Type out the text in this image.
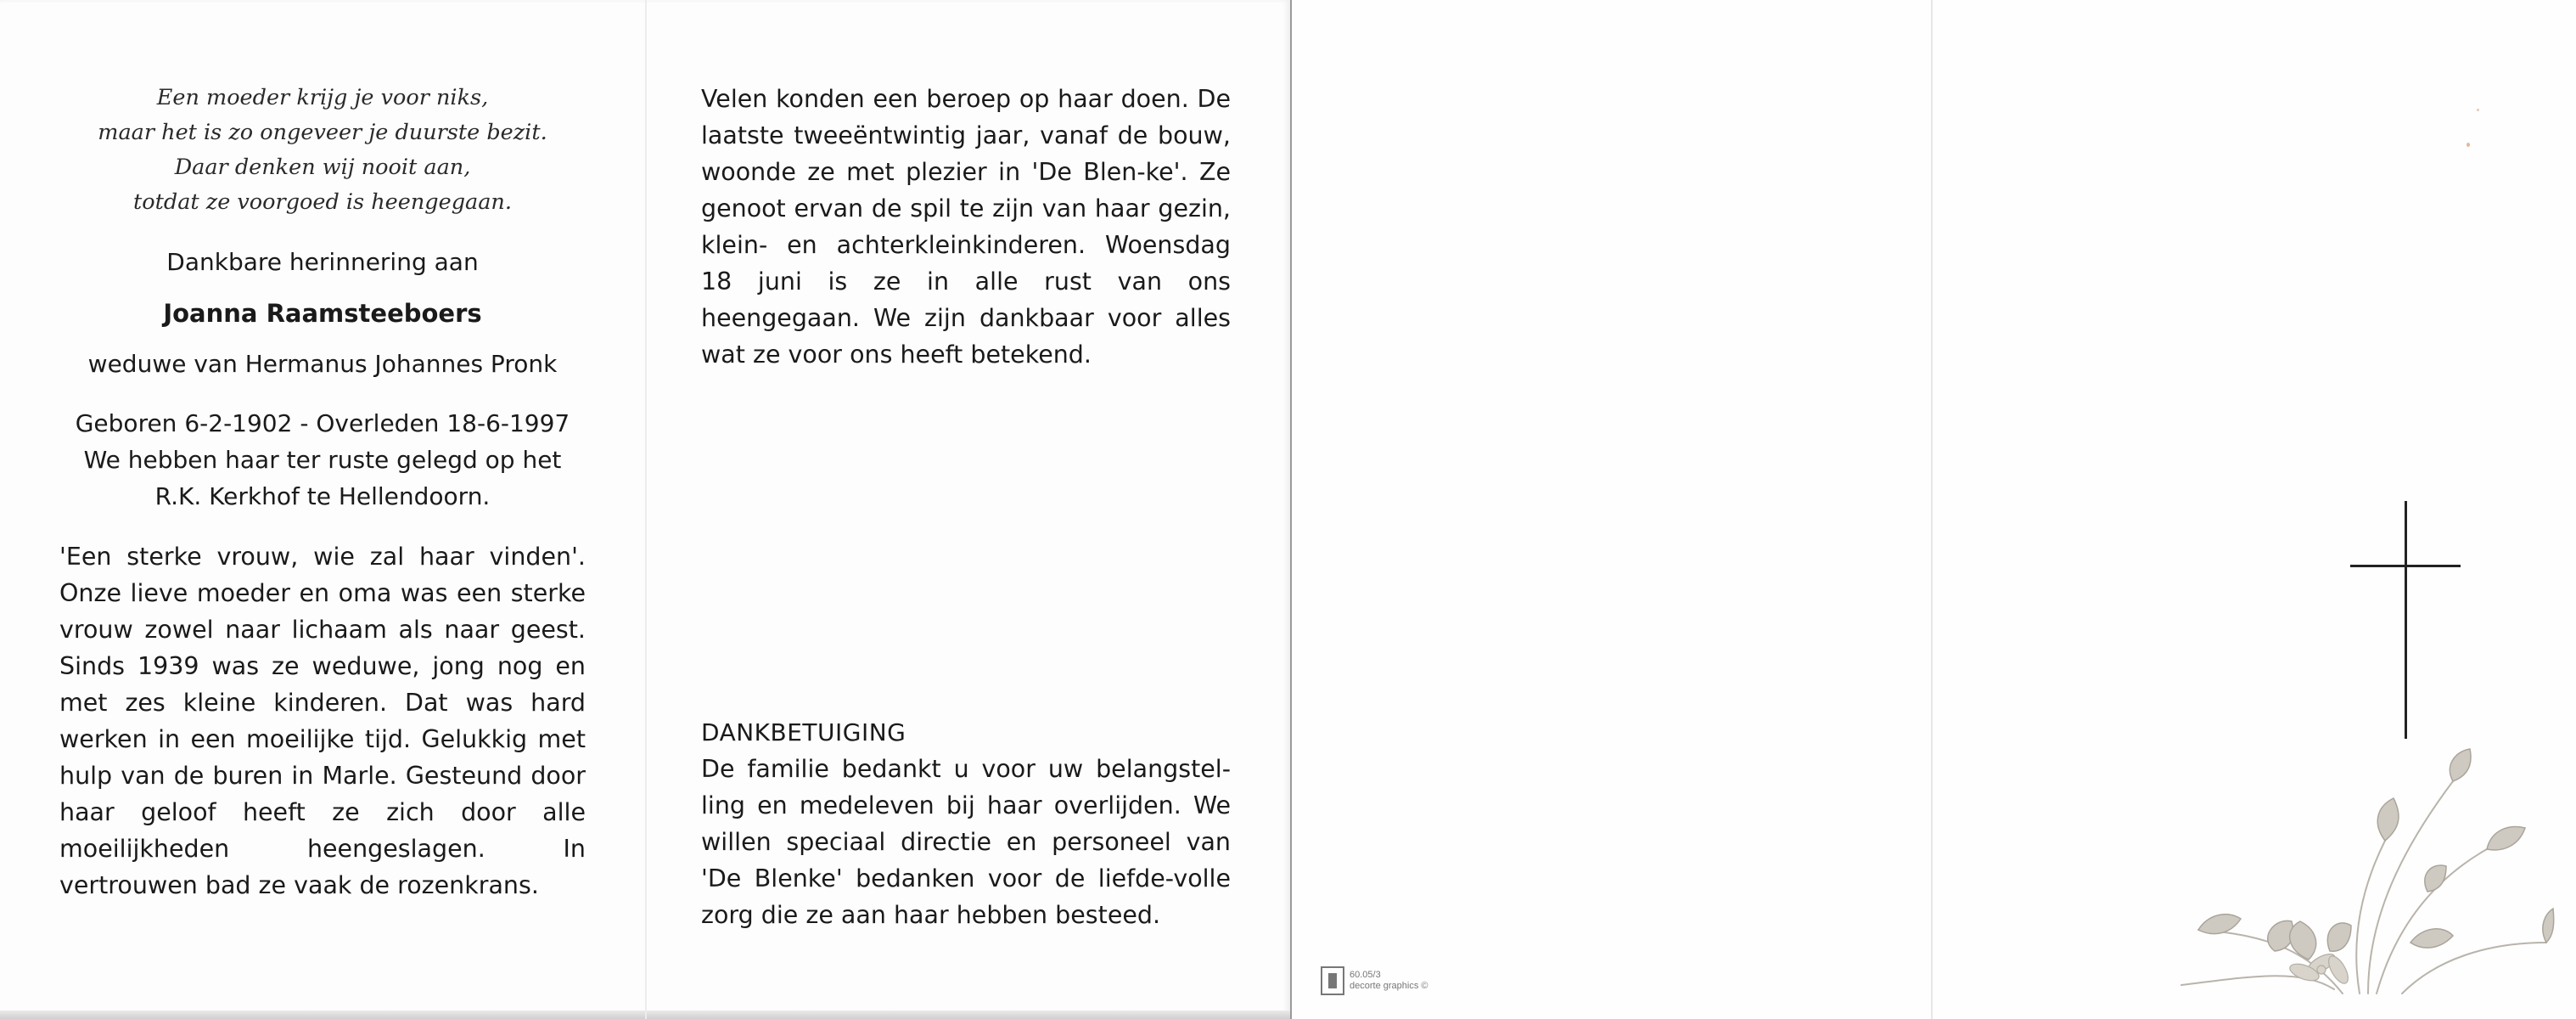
Een moeder krijg je voor niks,
maar het is zo ongeveer je duurste bezit.
Daar denken wij nooit aan,
totdat ze voorgoed is heengegaan.
Dankbare herinnering aan
Joanna Raamsteeboers
weduwe van Hermanus Johannes Pronk
Geboren 6-2-1902 - Overleden 18-6-1997
We hebben haar ter ruste gelegd op het
R.K. Kerkhof te Hellendoorn.
'Een sterke vrouw, wie zal haar vinden'. Onze lieve moeder en oma was een sterke vrouw zowel naar lichaam als naar geest. Sinds 1939 was ze weduwe, jong nog en met zes kleine kinderen. Dat was hard werken in een moeilijke tijd. Gelukkig met hulp van de buren in Marle. Gesteund door haar geloof heeft ze zich door alle moeilijkheden heengeslagen. In vertrouwen bad ze vaak de rozenkrans.
Velen konden een beroep op haar doen. De laatste tweeëntwintig jaar, vanaf de bouw, woonde ze met plezier in 'De Blen-ke'. Ze genoot ervan de spil te zijn van haar gezin, klein- en achterkleinkinderen. Woensdag 18 juni is ze in alle rust van ons heengegaan. We zijn dankbaar voor alles wat ze voor ons heeft betekend.
DANKBETUIGING
De familie bedankt u voor uw belangstel-ling en medeleven bij haar overlijden. We willen speciaal directie en personeel van 'De Blenke' bedanken voor de liefde-volle zorg die ze aan haar hebben besteed.
60.05/3
decorte graphics ©
